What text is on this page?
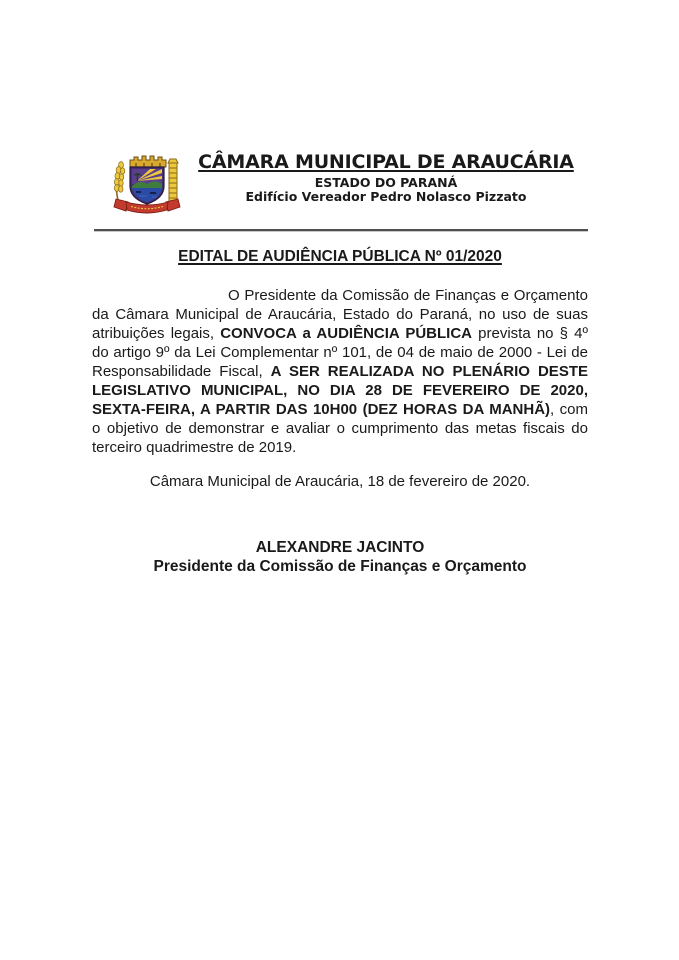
CÂMARA MUNICIPAL DE ARAUCÁRIA
ESTADO DO PARANÁ
Edifício Vereador Pedro Nolasco Pizzato
EDITAL DE AUDIÊNCIA PÚBLICA Nº 01/2020

O Presidente da Comissão de Finanças e Orçamento da Câmara Municipal de Araucária, Estado do Paraná, no uso de suas atribuições legais, CONVOCA a AUDIÊNCIA PÚBLICA prevista no § 4º do artigo 9º da Lei Complementar nº 101, de 04 de maio de 2000 - Lei de Responsabilidade Fiscal, A SER REALIZADA NO PLENÁRIO DESTE LEGISLATIVO MUNICIPAL, NO DIA 28 DE FEVEREIRO DE 2020, SEXTA-FEIRA, A PARTIR DAS 10H00 (DEZ HORAS DA MANHÃ), com o objetivo de demonstrar e avaliar o cumprimento das metas fiscais do terceiro quadrimestre de 2019.

Câmara Municipal de Araucária, 18 de fevereiro de 2020.
ALEXANDRE JACINTO
Presidente da Comissão de Finanças e Orçamento
